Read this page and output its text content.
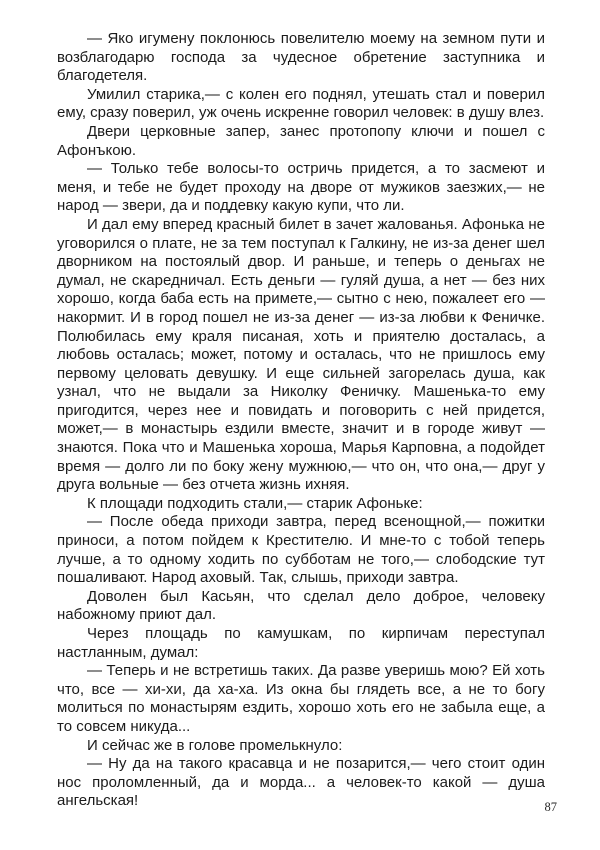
— Яко игумену поклонюсь повелителю моему на земном пути и возблагодарю господа за чудесное обретение заступника и благодетеля.

Умилил старика,— с колен его поднял, утешать стал и поверил ему, сразу поверил, уж очень искренне говорил человек: в душу влез.

Двери церковные запер, занес протопопу ключи и пошел с Афонъкою.

— Только тебе волосы-то остричь придется, а то засмеют и меня, и тебе не будет проходу на дворе от мужиков заезжих,— не народ — звери, да и поддевку какую купи, что ли.

И дал ему вперед красный билет в зачет жалованья. Афонька не уговорился о плате, не за тем поступал к Галкину, не из-за денег шел дворником на постоялый двор. И раньше, и теперь о деньгах не думал, не скаредничал. Есть деньги — гуляй душа, а нет — без них хорошо, когда баба есть на примете,— сытно с нею, пожалеет его — накормит. И в город пошел не из-за денег — из-за любви к Феничке. Полюбилась ему краля писаная, хоть и приятелю досталась, а любовь осталась; может, потому и осталась, что не пришлось ему первому целовать девушку. И еще сильней загорелась душа, как узнал, что не выдали за Николку Феничку. Машенька-то ему пригодится, через нее и повидать и поговорить с ней придется, может,— в монастырь ездили вместе, значит и в городе живут — знаются. Пока что и Машенька хороша, Марья Карповна, а подойдет время — долго ли по боку жену мужнюю,— что он, что она,— друг у друга вольные — без отчета жизнь ихняя.

К площади подходить стали,— старик Афоньке:

— После обеда приходи завтра, перед всенощной,— пожитки приноси, а потом пойдем к Крестителю. И мне-то с тобой теперь лучше, а то одному ходить по субботам не того,— слободские тут пошаливают. Народ аховый. Так, слышь, приходи завтра.

Доволен был Касьян, что сделал дело доброе, человеку набожному приют дал.

Через площадь по камушкам, по кирпичам переступал настланным, думал:

— Теперь и не встретишь таких. Да разве уверишь мою? Ей хоть что, все — хи-хи, да ха-ха. Из окна бы глядеть все, а не то богу молиться по монастырям ездить, хорошо хоть его не забыла еще, а то совсем никуда...

И сейчас же в голове промелькнуло:

— Ну да на такого красавца и не позарится,— чего стоит один нос проломленный, да и морда... а человек-то какой — душа ангельская!	87
